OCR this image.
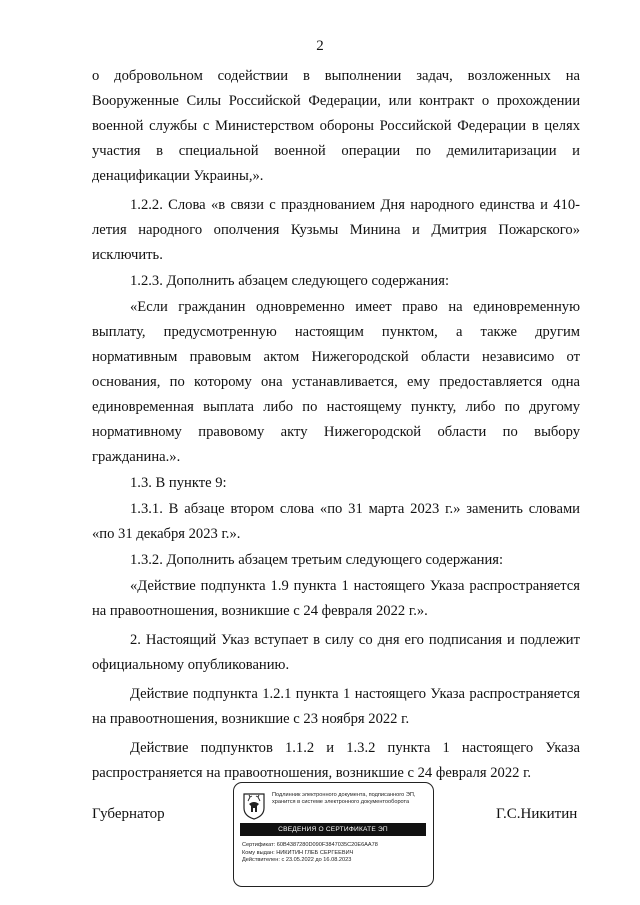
2

о добровольном содействии в выполнении задач, возложенных на Вооруженные Силы Российской Федерации, или контракт о прохождении военной службы с Министерством обороны Российской Федерации в целях участия в специальной военной операции по демилитаризации и денацификации Украины,».

1.2.2. Слова «в связи с празднованием Дня народного единства и 410-летия народного ополчения Кузьмы Минина и Дмитрия Пожарского» исключить.

1.2.3. Дополнить абзацем следующего содержания:

«Если гражданин одновременно имеет право на единовременную выплату, предусмотренную настоящим пунктом, а также другим нормативным правовым актом Нижегородской области независимо от основания, по которому она устанавливается, ему предоставляется одна единовременная выплата либо по настоящему пункту, либо по другому нормативному правовому акту Нижегородской области по выбору гражданина.».

1.3. В пункте 9:

1.3.1. В абзаце втором слова «по 31 марта 2023 г.» заменить словами «по 31 декабря 2023 г.».

1.3.2. Дополнить абзацем третьим следующего содержания:

«Действие подпункта 1.9 пункта 1 настоящего Указа распространяется на правоотношения, возникшие с 24 февраля 2022 г.».

2. Настоящий Указ вступает в силу со дня его подписания и подлежит официальному опубликованию.

Действие подпункта 1.2.1 пункта 1 настоящего Указа распространяется на правоотношения, возникшие с 23 ноября 2022 г.

Действие подпунктов 1.1.2 и 1.3.2 пункта 1 настоящего Указа распространяется на правоотношения, возникшие с 24 февраля 2022 г.

Губернатор	Г.С.Никитин
Подлинник электронного документа, подписанного ЭП, хранится в системе электронного документооборота
СВЕДЕНИЯ О СЕРТИФИКАТЕ ЭП
Сертификат: 60B4387280D090F3847035C20E6AA78
Кому выдан: НИКИТИН ГЛЕБ СЕРГЕЕВИЧ
Действителен: с 23.05.2022 до 16.08.2023
